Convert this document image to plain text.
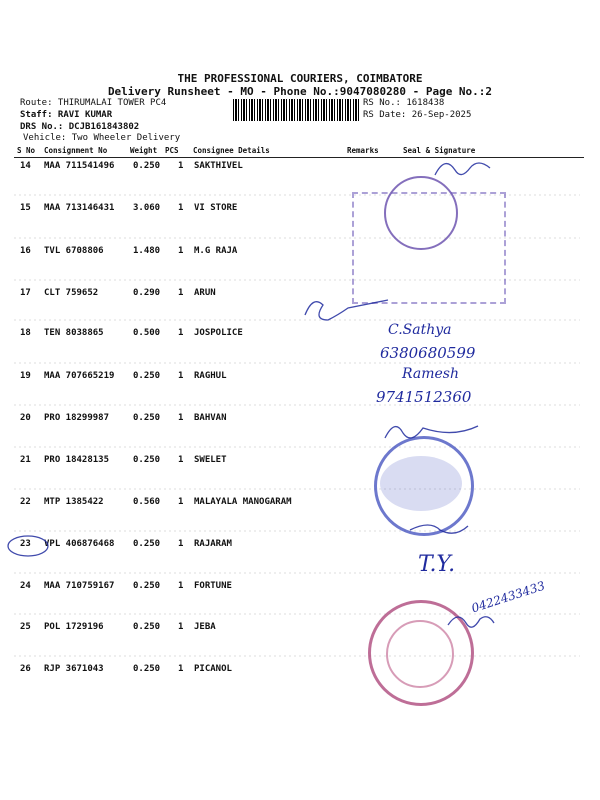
THE PROFESSIONAL COURIERS, COIMBATORE
Delivery Runsheet - MO - Phone No.:9047080280 - Page No.:2
Route: THIRUMALAI TOWER PC4
Staff: RAVI KUMAR
DRS No.: DCJB161843802
Vehicle: Two Wheeler Delivery
RS No.: 1618438
RS Date: 26-Sep-2025
S No Consignment No	Weight PCS Consignee Details	Remarks	Seal & Signature
14 MAA 711541496 0.250 1 SAKTHIVEL
15 MAA 713146431 3.060 1 VI STORE
16 TVL 6708806	1.480 1 M.G RAJA
17 CLT 759652	0.290 1 ARUN
18 TEN 8038865	0.500 1 JOSPOLICE
19 MAA 707665219 0.250 1 RAGHUL
20 PRO 18299987	0.250 1 BAHVAN
21 PRO 18428135	0.250 1 SWELET
22 MTP 1385422	0.560 1 MALAYALA MANOGARAM
23 VPL 406876468 0.250 1 RAJARAM
24 MAA 710759167 0.250 1 FORTUNE
25 POL 1729196	0.250 1 JEBA
26 RJP 3671043	0.250 1 PICANOL
C.Sathya
6380680599
Ramesh
9741512360
T.Y.
0422433433
